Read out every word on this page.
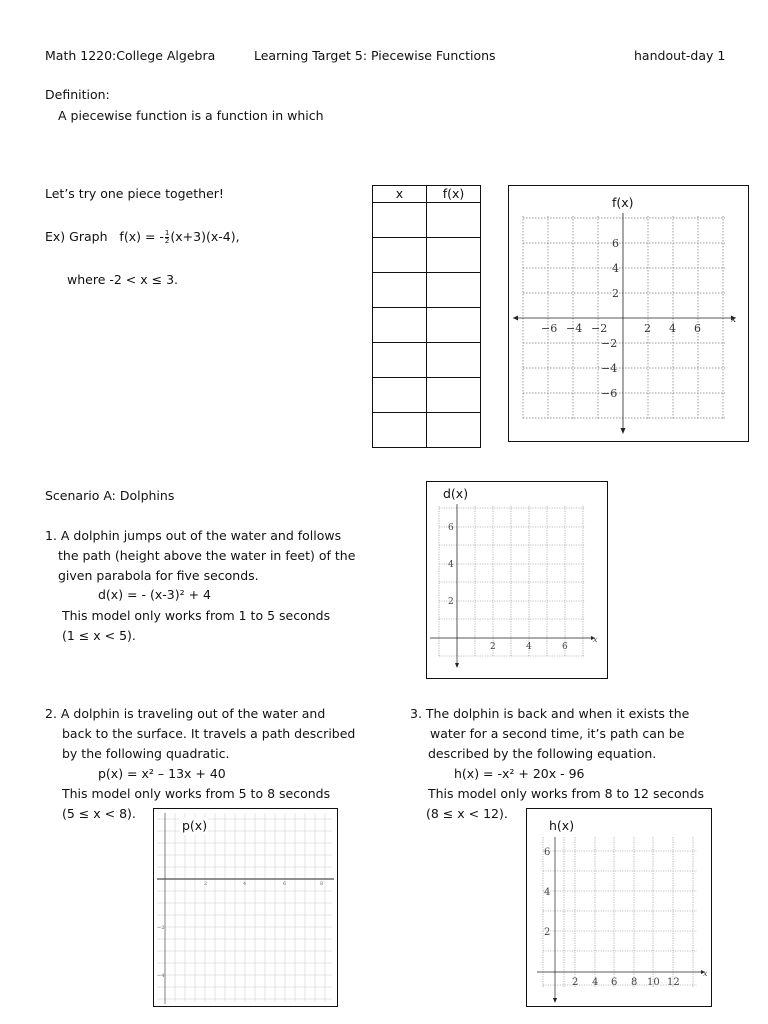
Math 1220:College Algebra	Learning Target 5: Piecewise Functions	handout-day 1
Definition:
A piecewise function is a function in which
Let’s try one piece together!
Ex) Graph f(x) = - $\frac{1}{2} (x+3)(x-4)$,
where -2 < x ≤ 3.
x	f(x)

f(x)
x
−6 −4 −2	2 4 6
6
4
2
−2
−4
−6
Scenario A: Dolphins
1. A dolphin jumps out of the water and follows
the path (height above the water in feet) of the
given parabola for five seconds.
d(x) = - (x-3)² + 4
This model only works from 1 to 5 seconds
(1 ≤ x < 5).
d(x)
x
2	4	6
6
4
2
2. A dolphin is traveling out of the water and
back to the surface. It travels a path described
by the following quadratic.
p(x) = x² – 13x + 40
This model only works from 5 to 8 seconds
(5 ≤ x < 8).
p(x)
2	4	6	8
−2
−4
3. The dolphin is back and when it exists the
water for a second time, it’s path can be
described by the following equation.
h(x) = -x² + 20x - 96
This model only works from 8 to 12 seconds
(8 ≤ x < 12).
h(x)
x
2 4 6 8 10 12
6
4
2
